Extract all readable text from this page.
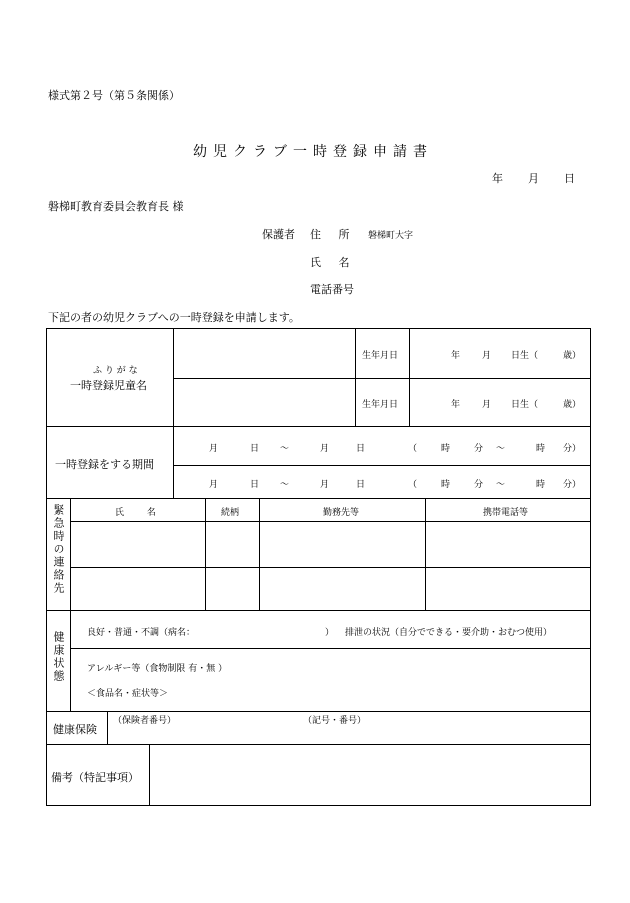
様式第２号（第５条関係）
幼児クラブ一時登録申請書
年 月 日
磐梯町教育委員会教育長 様
保護者 住 所 磐梯町大字
氏 名
電話番号
下記の者の幼児クラブへの一時登録を申請します。
ふ り が な
一時登録児童名
生年月日	年 月 日生（	歳）
生年月日	年 月 日生（	歳）
一時登録をする期間
月	日 ～	月	日	（	時	分 ～	時 分）
月	日 ～	月	日	（	時	分 ～	時 分）
緊急時の連絡先	氏 名	続柄	勤務先等	携帯電話等
健康状態 良好・普通・不調（病名：	） 排泄の状況（自分でできる・要介助・おむつ使用）
アレルギー等（食物制限 有・無 ）
＜食品名・症状等＞
健康保険
（保険者番号）	（記号・番号）
備考（特記事項）
